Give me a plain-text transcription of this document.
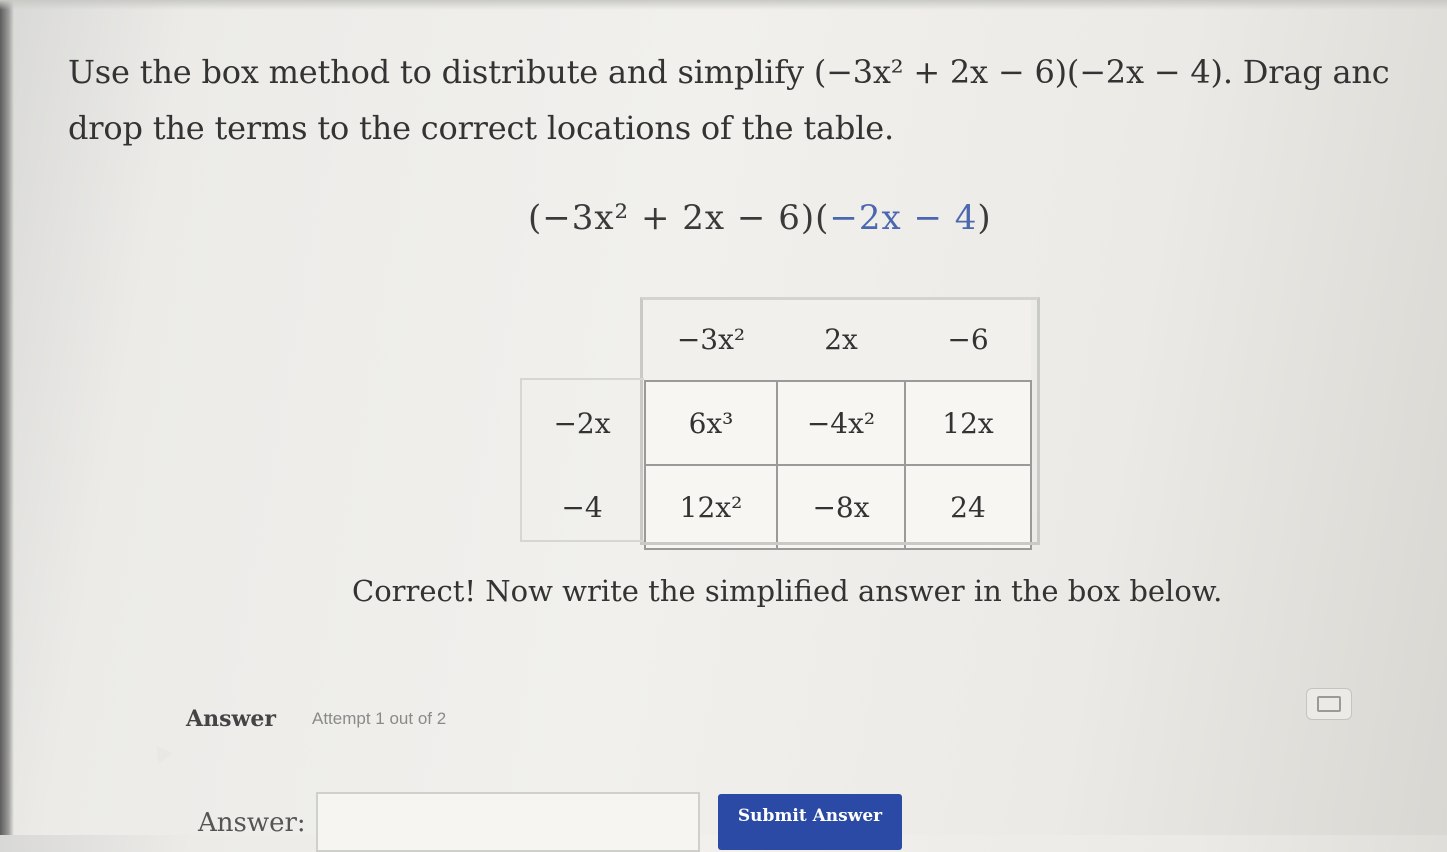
Use the box method to distribute and simplify (−3x² + 2x − 6)(−2x − 4). Drag anc
drop the terms to the correct locations of the table.
(−3x² + 2x − 6)(−2x − 4)
	−3x²	2x	−6
−2x	6x³	−4x²	12x
−4	12x²	−8x	24
Correct! Now write the simplified answer in the box below.
Answer Attempt 1 out of 2
Answer:	Submit Answer
